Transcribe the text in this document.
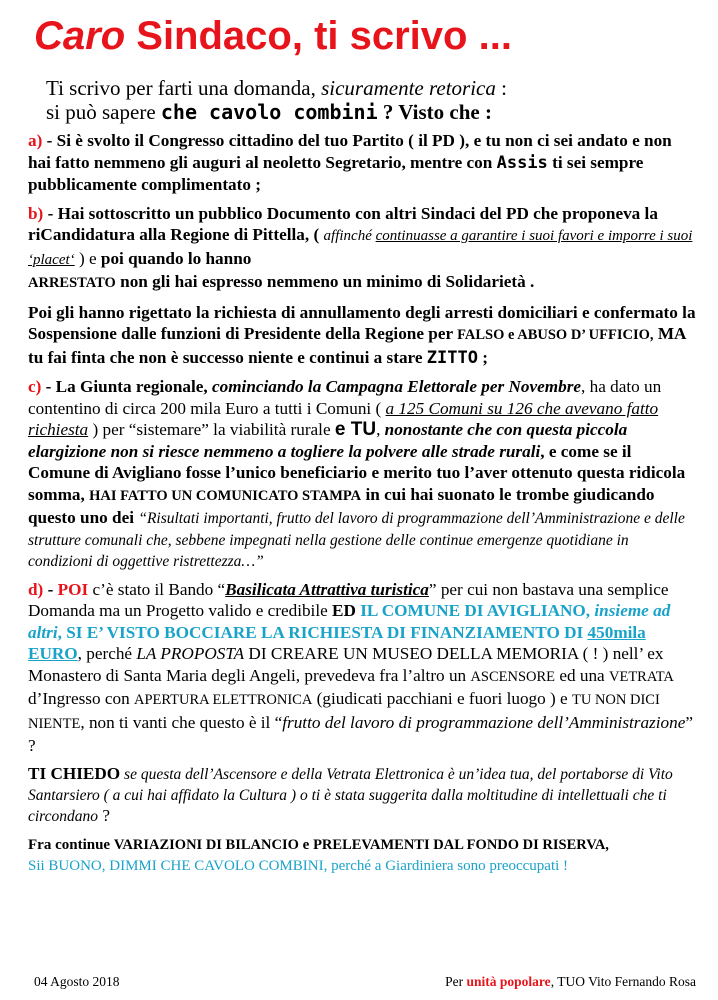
Caro Sindaco, ti scrivo ...
Ti scrivo per farti una domanda, sicuramente retorica :
si può sapere che cavolo combini ? Visto che :
a) - Si è svolto il Congresso cittadino del tuo Partito ( il PD ), e tu non ci sei andato e non hai fatto nemmeno gli auguri al neoletto Segretario, mentre con Assis ti sei sempre pubblicamente complimentato ;
b) - Hai sottoscritto un pubblico Documento con altri Sindaci del PD che proponeva la riCandidatura alla Regione di Pittella, ( affinché continuasse a garantire i suoi favori e imporre i suoi ‘placet‘ ) e poi quando lo hanno
ARRESTATO non gli hai espresso nemmeno un minimo di Solidarietà .
Poi gli hanno rigettato la richiesta di annullamento degli arresti domiciliari e confermato la Sospensione dalle funzioni di Presidente della Regione per FALSO e ABUSO D’ UFFICIO, MA tu fai finta che non è successo niente e continui a stare ZITTO ;
c) - La Giunta regionale, cominciando la Campagna Elettorale per Novembre, ha dato un contentino di circa 200 mila Euro a tutti i Comuni ( a 125 Comuni su 126 che avevano fatto richiesta ) per “sistemare” la viabilità rurale e TU, nonostante che con questa piccola elargizione non si riesce nemmeno a togliere la polvere alle strade rurali, e come se il Comune di Avigliano fosse l’unico beneficiario e merito tuo l’aver ottenuto questa ridicola somma, HAI FATTO UN COMUNICATO STAMPA in cui hai suonato le trombe giudicando questo uno dei “Risultati importanti, frutto del lavoro di programmazione dell’Amministrazione e delle strutture comunali che, sebbene impegnati nella gestione delle continue emergenze quotidiane in condizioni di oggettive ristrettezza…”
d) - POI c’è stato il Bando “Basilicata Attrattiva turistica” per cui non bastava una semplice Domanda ma un Progetto valido e credibile ED IL COMUNE DI AVIGLIANO, insieme ad altri, SI E’ VISTO BOCCIARE LA RICHIESTA DI FINANZIAMENTO DI 450mila EURO, perché LA PROPOSTA DI CREARE UN MUSEO DELLA MEMORIA ( ! ) nell’ ex Monastero di Santa Maria degli Angeli, prevedeva fra l’altro un ASCENSORE ed una VETRATA d’Ingresso con APERTURA ELETTRONICA (giudicati pacchiani e fuori luogo ) e TU NON DICI NIENTE, non ti vanti che questo è il “frutto del lavoro di programmazione dell’Amministrazione” ?
TI CHIEDO se questa dell’Ascensore e della Vetrata Elettronica è un’idea tua, del portaborse di Vito Santarsiero ( a cui hai affidato la Cultura ) o ti è stata suggerita dalla moltitudine di intellettuali che ti circondano ?
Fra continue VARIAZIONI DI BILANCIO e PRELEVAMENTI DAL FONDO DI RISERVA,
Sii BUONO, DIMMI CHE CAVOLO COMBINI, perché a Giardiniera sono preoccupati !
04 Agosto 2018	Per unità popolare, TUO Vito Fernando Rosa
